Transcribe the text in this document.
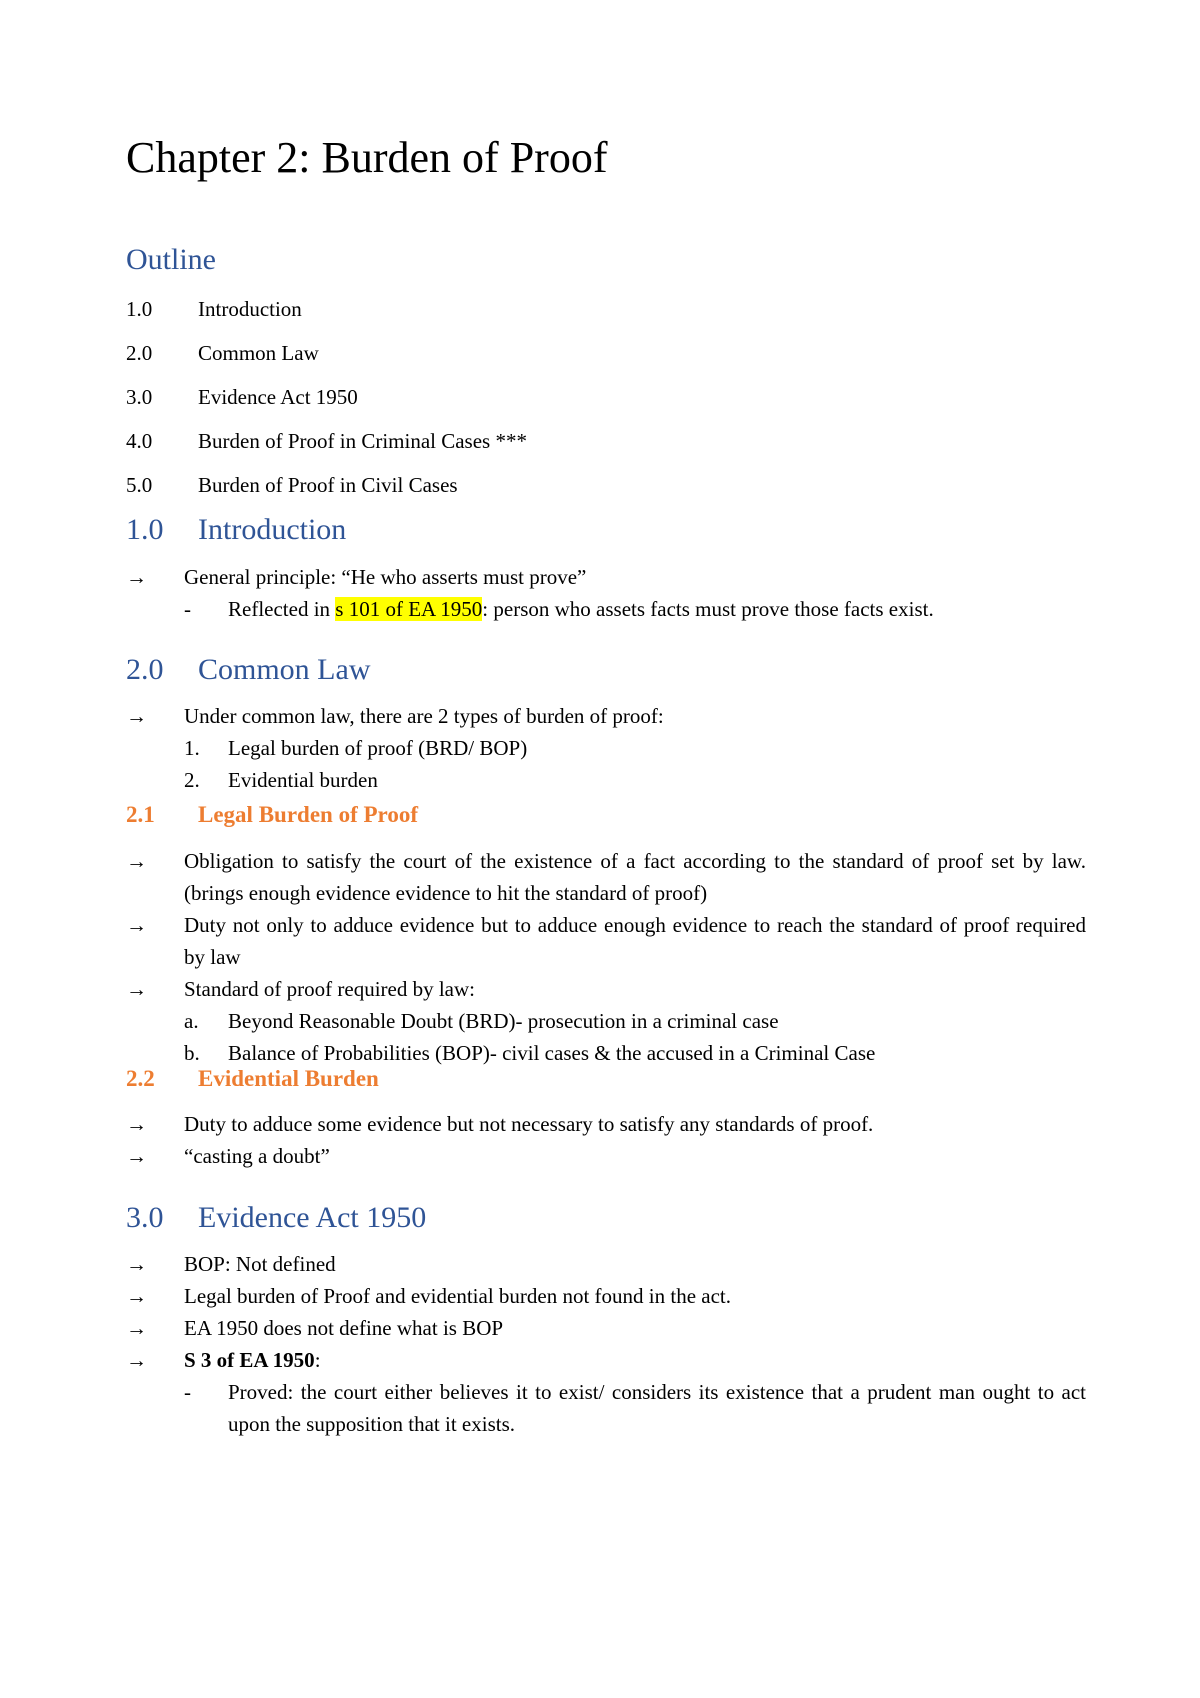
Chapter 2: Burden of Proof
Outline
1.0 Introduction
2.0 Common Law
3.0 Evidence Act 1950
4.0 Burden of Proof in Criminal Cases ***
5.0 Burden of Proof in Civil Cases
1.0 Introduction
→	General principle: “He who asserts must prove”
-	Reflected in s 101 of EA 1950: person who assets facts must prove those facts exist.
2.0 Common Law
→	Under common law, there are 2 types of burden of proof:
1.	Legal burden of proof (BRD/ BOP)
2.	Evidential burden
2.1 Legal Burden of Proof
→	Obligation to satisfy the court of the existence of a fact according to the standard of proof set by law. (brings enough evidence evidence to hit the standard of proof)
→	Duty not only to adduce evidence but to adduce enough evidence to reach the standard of proof required by law
→	Standard of proof required by law:
a.	Beyond Reasonable Doubt (BRD)- prosecution in a criminal case
b.	Balance of Probabilities (BOP)- civil cases & the accused in a Criminal Case
2.2 Evidential Burden
→	Duty to adduce some evidence but not necessary to satisfy any standards of proof.
→	“casting a doubt”
3.0 Evidence Act 1950
→	BOP: Not defined
→	Legal burden of Proof and evidential burden not found in the act.
→	EA 1950 does not define what is BOP
→	S 3 of EA 1950:
-	Proved: the court either believes it to exist/ considers its existence that a prudent man ought to act upon the supposition that it exists.
